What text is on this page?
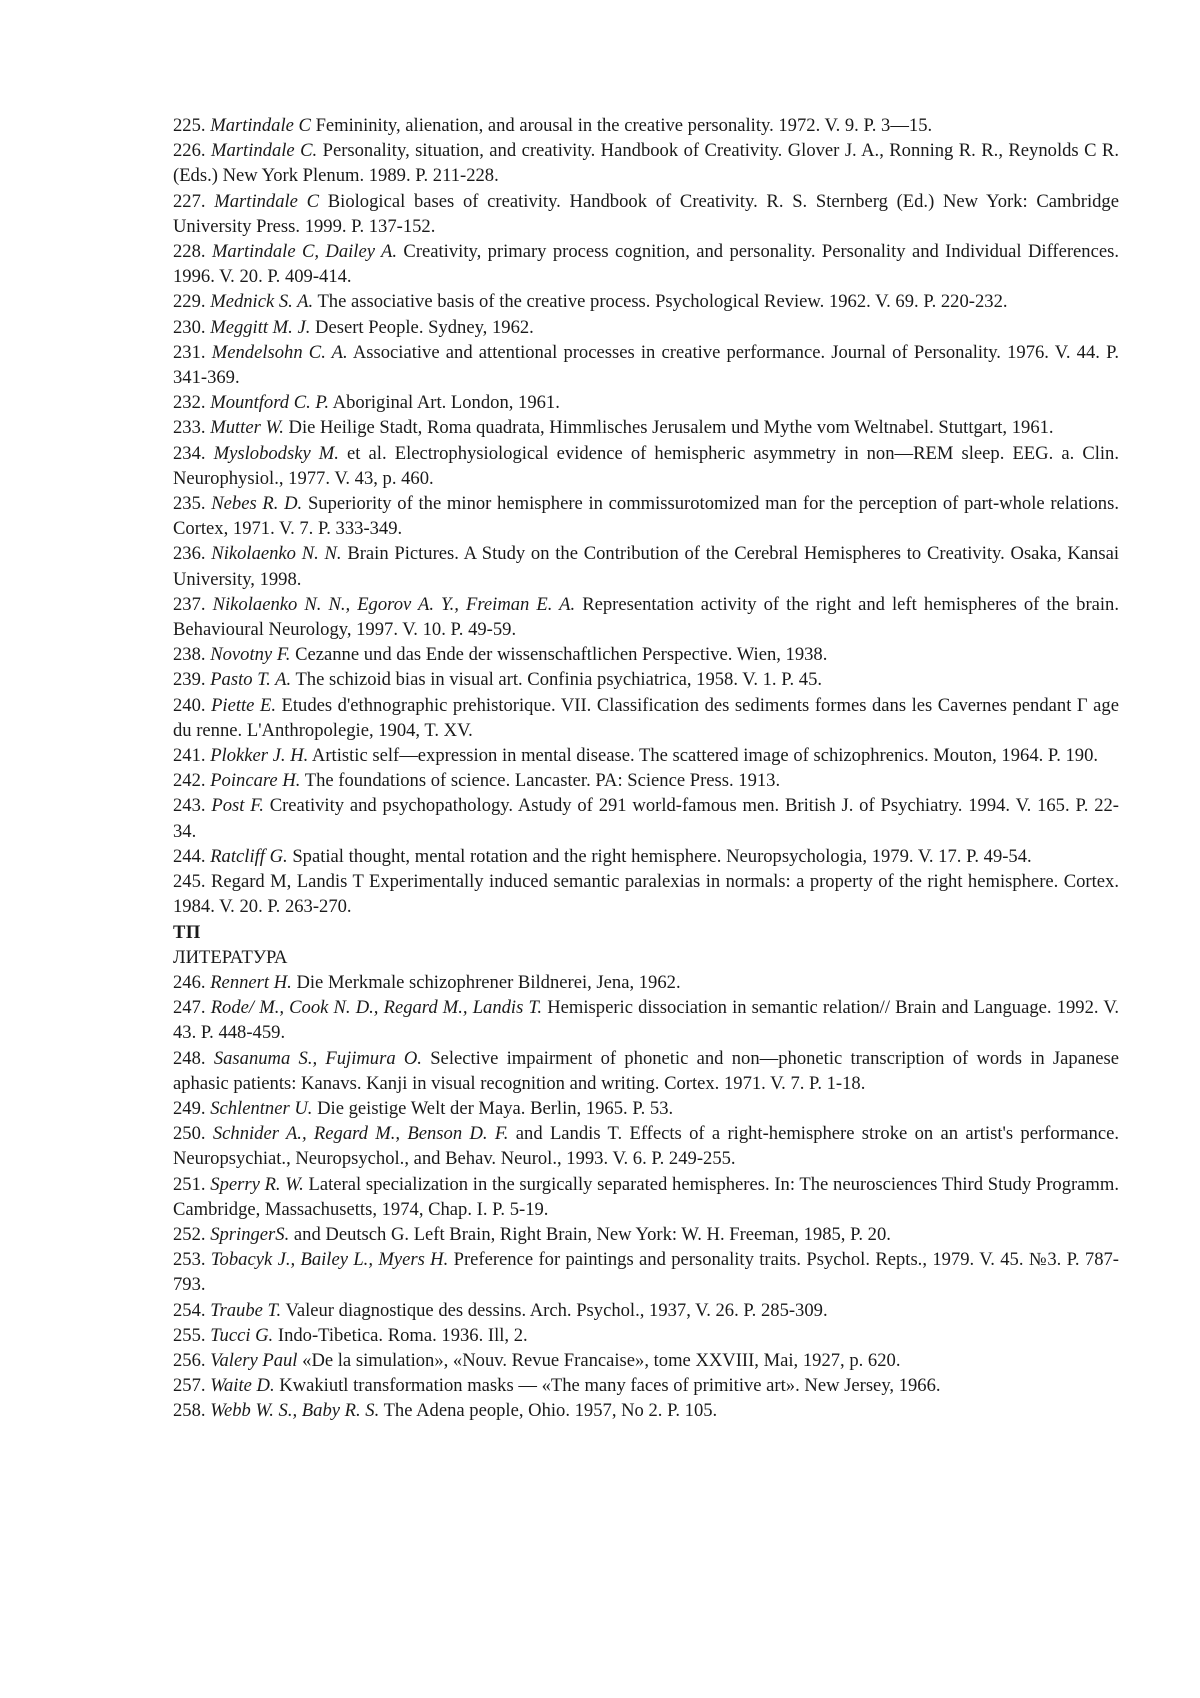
225. Martindale C Femininity, alienation, and arousal in the creative personality. 1972. V. 9. P. 3—15.

226. Martindale C. Personality, situation, and creativity. Handbook of Creativity. Glover J. A., Ronning R. R., Reynolds C R. (Eds.) New York Plenum. 1989. P. 211-228.

227. Martindale C Biological bases of creativity. Handbook of Creativity. R. S. Sternberg (Ed.) New York: Cambridge University Press. 1999. P. 137-152.

228. Martindale C, Dailey A. Creativity, primary process cognition, and personality. Personality and Individual Differences. 1996. V. 20. P. 409-414.

229. Mednick S. A. The associative basis of the creative process. Psychological Review. 1962. V. 69. P. 220-232.

230. Meggitt M. J. Desert People. Sydney, 1962.

231. Mendelsohn C. A. Associative and attentional processes in creative performance. Journal of Personality. 1976. V. 44. P. 341-369.

232. Mountford C. P. Aboriginal Art. London, 1961.

233. Mutter W. Die Heilige Stadt, Roma quadrata, Himmlisches Jerusalem und Mythe vom Weltnabel. Stuttgart, 1961.

234. Myslobodsky M. et al. Electrophysiological evidence of hemispheric asymmetry in non—REM sleep. EEG. a. Clin. Neurophysiol., 1977. V. 43, p. 460.

235. Nebes R. D. Superiority of the minor hemisphere in commissurotomized man for the perception of part-whole relations. Cortex, 1971. V. 7. P. 333-349.

236. Nikolaenko N. N. Brain Pictures. A Study on the Contribution of the Cerebral Hemispheres to Creativity. Osaka, Kansai University, 1998.

237. Nikolaenko N. N., Egorov A. Y., Freiman E. A. Representation activity of the right and left hemispheres of the brain. Behavioural Neurology, 1997. V. 10. P. 49-59.

238. Novotny F. Cezanne und das Ende der wissenschaftlichen Perspective. Wien, 1938.

239. Pasto T. A. The schizoid bias in visual art. Confinia psychiatrica, 1958. V. 1. P. 45.

240. Piette E. Etudes d'ethnographic prehistorique. VII. Classification des sediments formes dans les Cavernes pendant Г age du renne. L'Anthropolegie, 1904, T. XV.

241. Plokker J. H. Artistic self—expression in mental disease. The scattered image of schizophrenics. Mouton, 1964. P. 190.

242. Poincare H. The foundations of science. Lancaster. PA: Science Press. 1913.

243. Post F. Creativity and psychopathology. Astudy of 291 world-famous men. British J. of Psychiatry. 1994. V. 165. P. 22-34.

244. Ratcliff G. Spatial thought, mental rotation and the right hemisphere. Neuropsychologia, 1979. V. 17. P. 49-54.

245. Regard M, Landis T Experimentally induced semantic paralexias in normals: a property of the right hemisphere. Cortex. 1984. V. 20. P. 263-270.

ТП

ЛИТЕРАТУРА

246. Rennert H. Die Merkmale schizophrener Bildnerei, Jena, 1962.

247. Rode/ M., Cook N. D., Regard M., Landis T. Hemisperic dissociation in semantic relation// Brain and Language. 1992. V. 43. P. 448-459.

248. Sasanuma S., Fujimura O. Selective impairment of phonetic and non—phonetic transcription of words in Japanese aphasic patients: Kanavs. Kanji in visual recognition and writing. Cortex. 1971. V. 7. P. 1-18.

249. Schlentner U. Die geistige Welt der Maya. Berlin, 1965. P. 53.

250. Schnider A., Regard M., Benson D. F. and Landis T. Effects of a right-hemisphere stroke on an artist's performance. Neuropsychiat., Neuropsychol., and Behav. Neurol., 1993. V. 6. P. 249-255.

251. Sperry R. W. Lateral specialization in the surgically separated hemispheres. In: The neurosciences Third Study Programm. Cambridge, Massachusetts, 1974, Chap. I. P. 5-19.

252. SpringerS. and Deutsch G. Left Brain, Right Brain, New York: W. H. Freeman, 1985, P. 20.

253. Tobacyk J., Bailey L., Myers H. Preference for paintings and personality traits. Psychol. Repts., 1979. V. 45. №3. P. 787-793.

254. Traube T. Valeur diagnostique des dessins. Arch. Psychol., 1937, V. 26. P. 285-309.

255. Tucci G. Indo-Tibetica. Roma. 1936. Ill, 2.

256. Valery Paul «De la simulation», «Nouv. Revue Francaise», tome XXVIII, Mai, 1927, p. 620.

257. Waite D. Kwakiutl transformation masks — «The many faces of primitive art». New Jersey, 1966.

258. Webb W. S., Baby R. S. The Adena people, Ohio. 1957, No 2. P. 105.
